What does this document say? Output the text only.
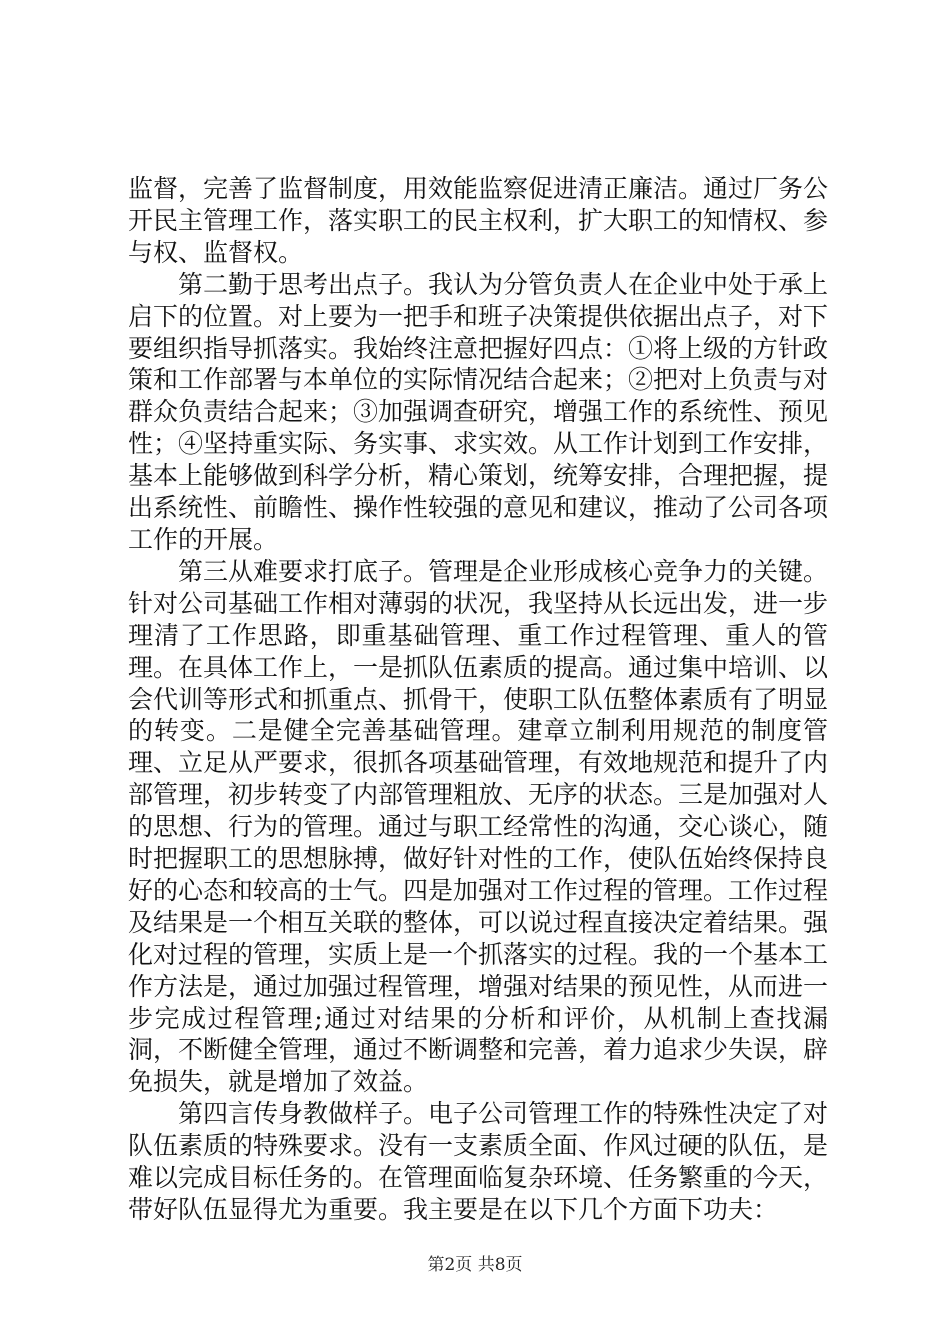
监督，完善了监督制度，用效能监察促进清正廉洁。通过厂务公开民主管理工作，落实职工的民主权利，扩大职工的知情权、参与权、监督权。

第二勤于思考出点子。我认为分管负责人在企业中处于承上启下的位置。对上要为一把手和班子决策提供依据出点子，对下要组织指导抓落实。我始终注意把握好四点：①将上级的方针政策和工作部署与本单位的实际情况结合起来；②把对上负责与对群众负责结合起来；③加强调查研究，增强工作的系统性、预见性；④坚持重实际、务实事、求实效。从工作计划到工作安排，基本上能够做到科学分析，精心策划，统筹安排，合理把握，提出系统性、前瞻性、操作性较强的意见和建议，推动了公司各项工作的开展。

第三从难要求打底子。管理是企业形成核心竞争力的关键。针对公司基础工作相对薄弱的状况，我坚持从长远出发，进一步理清了工作思路，即重基础管理、重工作过程管理、重人的管理。在具体工作上，一是抓队伍素质的提高。通过集中培训、以会代训等形式和抓重点、抓骨干，使职工队伍整体素质有了明显的转变。二是健全完善基础管理。建章立制利用规范的制度管理、立足从严要求，很抓各项基础管理，有效地规范和提升了内部管理，初步转变了内部管理粗放、无序的状态。三是加强对人的思想、行为的管理。通过与职工经常性的沟通，交心谈心，随时把握职工的思想脉搏，做好针对性的工作，使队伍始终保持良好的心态和较高的士气。四是加强对工作过程的管理。工作过程及结果是一个相互关联的整体，可以说过程直接决定着结果。强化对过程的管理，实质上是一个抓落实的过程。我的一个基本工作方法是，通过加强过程管理，增强对结果的预见性，从而进一步完成过程管理;通过对结果的分析和评价，从机制上查找漏洞，不断健全管理，通过不断调整和完善，着力追求少失误，辟免损失，就是增加了效益。

第四言传身教做样子。电子公司管理工作的特殊性决定了对队伍素质的特殊要求。没有一支素质全面、作风过硬的队伍，是难以完成目标任务的。在管理面临复杂环境、任务繁重的今天，带好队伍显得尤为重要。我主要是在以下几个方面下功夫：

第2页 共8页
